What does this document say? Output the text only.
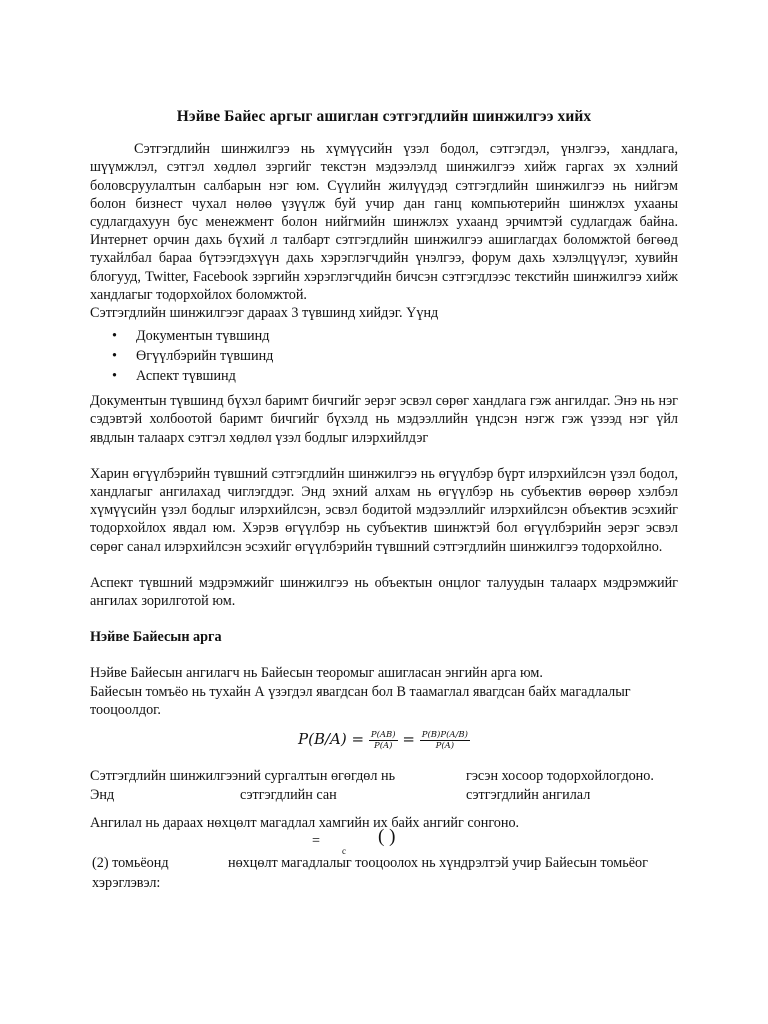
Нэйве Байес аргыг ашиглан сэтгэгдлийн шинжилгээ хийх

Сэтгэгдлийн шинжилгээ нь хүмүүсийн үзэл бодол, сэтгэгдэл, үнэлгээ, хандлага, шүүмжлэл, сэтгэл хөдлөл зэргийг текстэн мэдээлэлд шинжилгээ хийж гаргах эх хэлний боловсруулалтын салбарын нэг юм. Сүүлийн жилүүдэд сэтгэгдлийн шинжилгээ нь нийгэм болон бизнест чухал нөлөө үзүүлж буй учир дан ганц компьютерийн шинжлэх ухааны судлагдахуун бус менежмент болон нийгмийн шинжлэх ухаанд эрчимтэй судлагдаж байна. Интернет орчин дахь бүхий л талбарт сэтгэгдлийн шинжилгээ ашиглагдах боломжтой бөгөөд тухайлбал бараа бүтээгдэхүүн дахь хэрэглэгчдийн үнэлгээ, форум дахь хэлэлцүүлэг, хувийн блогууд, Twitter, Facebook зэргийн хэрэглэгчдийн бичсэн сэтгэгдлээс текстийн шинжилгээ хийж хандлагыг тодорхойлох боломжтой.

Сэтгэгдлийн шинжилгээг дараах 3 түвшинд хийдэг. Үүнд

• Документын түвшинд
• Өгүүлбэрийн түвшинд
• Аспект түвшинд

Документын түвшинд бүхэл баримт бичгийг эерэг эсвэл сөрөг хандлага гэж ангилдаг. Энэ нь нэг сэдэвтэй холбоотой баримт бичгийг бүхэлд нь мэдээллийн үндсэн нэгж гэж үзээд нэг үйл явдлын талаарх сэтгэл хөдлөл үзэл бодлыг илэрхийлдэг

Харин өгүүлбэрийн түвшний сэтгэгдлийн шинжилгээ нь өгүүлбэр бүрт илэрхийлсэн үзэл бодол, хандлагыг ангилахад чиглэгддэг. Энд эхний алхам нь өгүүлбэр нь субъектив өөрөөр хэлбэл хүмүүсийн үзэл бодлыг илэрхийлсэн, эсвэл бодитой мэдээллийг илэрхийлсэн объектив эсэхийг тодорхойлох явдал юм. Хэрэв өгүүлбэр нь субъектив шинжтэй бол өгүүлбэрийн эерэг эсвэл сөрөг санал илэрхийлсэн эсэхийг өгүүлбэрийн түвшний сэтгэгдлийн шинжилгээ тодорхойлно.

Аспект түвшний мэдрэмжийг шинжилгээ нь объектын онцлог талуудын талаарх мэдрэмжийг ангилах зорилготой юм.

Нэйве Байесын арга

Нэйве Байесын ангилагч нь Байесын теоромыг ашигласан энгийн арга юм.

Байесын томъёо нь тухайн А үзэгдэл явагдсан бол В таамаглал явагдсан байх магадлалыг тооцоолдог.

$P(B/A) = \frac{P(AB)}{P(A)} = \frac{P(B)P(A/B)}{P(A)}$
Сэтгэгдлийн шинжилгээний сургалтын өгөгдөл нь	гэсэн хосоор тодорхойлогдоно.
Энд	сэтгэгдлийн сан	сэтгэгдлийн ангилал

Ангилал нь дараах нөхцөлт магадлал хамгийн их байх ангийг сонгоно.

=	( )
c
(2) томьёонд	нөхцөлт магадлалыг тооцоолох нь хүндрэлтэй учир Байесын томьёог

хэрэглэвэл:
